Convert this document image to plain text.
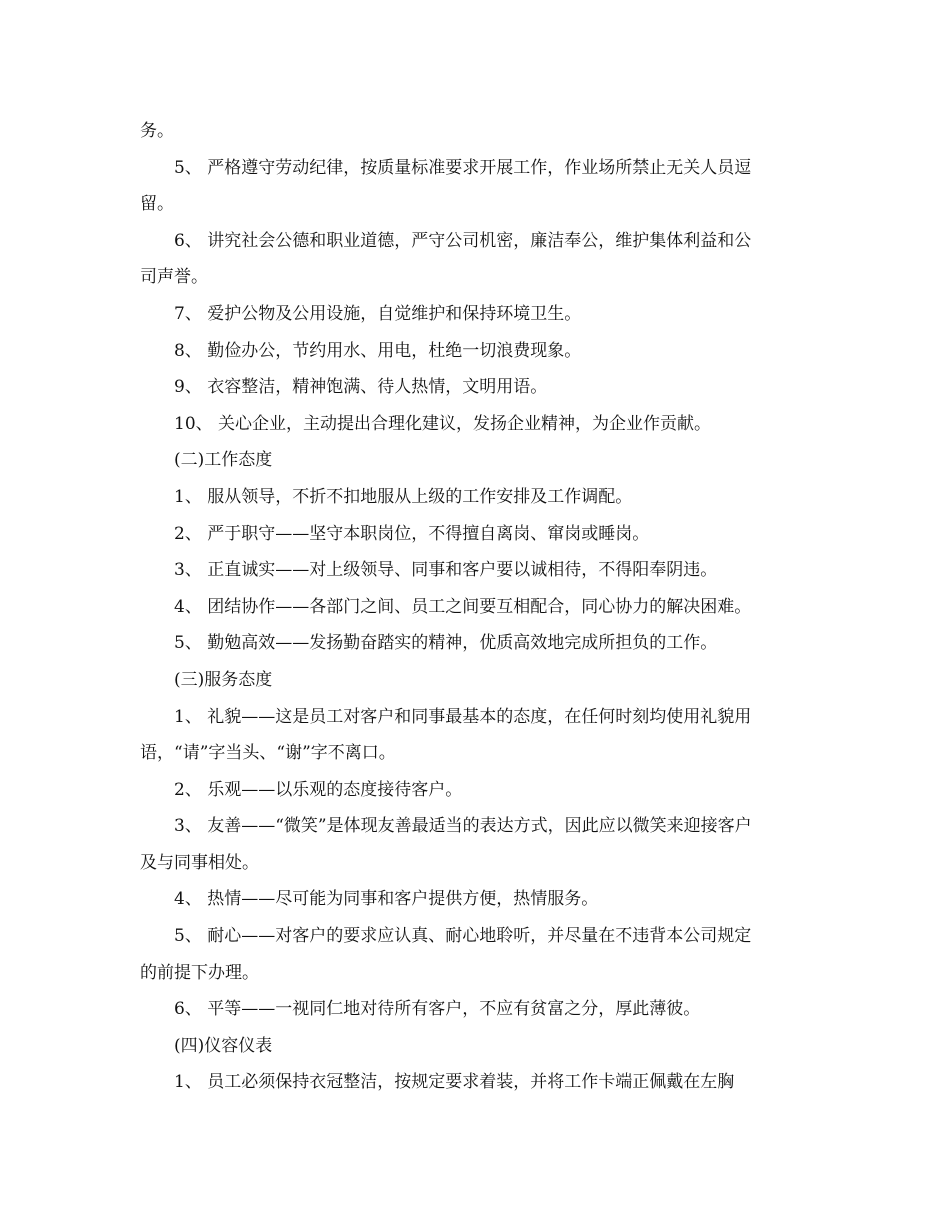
务。
5、 严格遵守劳动纪律，按质量标准要求开展工作，作业场所禁止无关人员逗
留。
6、 讲究社会公德和职业道德，严守公司机密，廉洁奉公，维护集体利益和公
司声誉。
7、 爱护公物及公用设施，自觉维护和保持环境卫生。
8、 勤俭办公，节约用水、用电，杜绝一切浪费现象。
9、 衣容整洁，精神饱满、待人热情，文明用语。
10、 关心企业，主动提出合理化建议，发扬企业精神，为企业作贡献。
(二)工作态度
1、 服从领导，不折不扣地服从上级的工作安排及工作调配。
2、 严于职守——坚守本职岗位，不得擅自离岗、窜岗或睡岗。
3、 正直诚实——对上级领导、同事和客户要以诚相待，不得阳奉阴违。
4、 团结协作——各部门之间、员工之间要互相配合，同心协力的解决困难。
5、 勤勉高效——发扬勤奋踏实的精神，优质高效地完成所担负的工作。
(三)服务态度
1、 礼貌——这是员工对客户和同事最基本的态度，在任何时刻均使用礼貌用
语，“请”字当头、“谢”字不离口。
2、 乐观——以乐观的态度接待客户。
3、 友善——“微笑”是体现友善最适当的表达方式，因此应以微笑来迎接客户
及与同事相处。
4、 热情——尽可能为同事和客户提供方便，热情服务。
5、 耐心——对客户的要求应认真、耐心地聆听，并尽量在不违背本公司规定
的前提下办理。
6、 平等——一视同仁地对待所有客户，不应有贫富之分，厚此薄彼。
(四)仪容仪表
1、 员工必须保持衣冠整洁，按规定要求着装，并将工作卡端正佩戴在左胸
